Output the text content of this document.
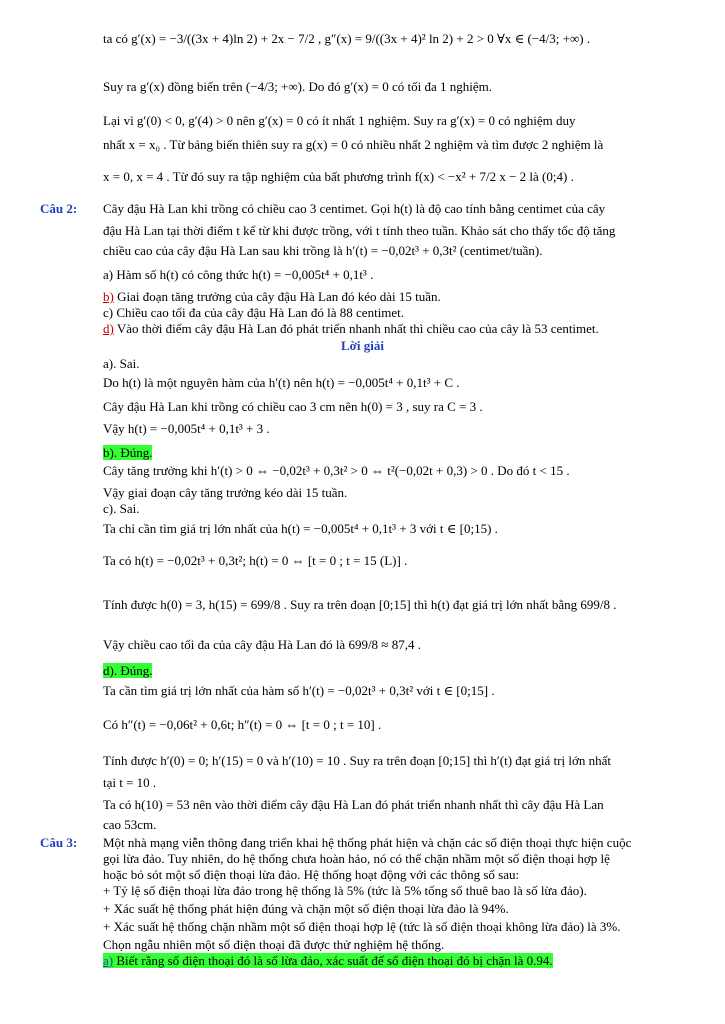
Câu 2:
Câu 3:
ta có g′(x) = −3/((3x + 4)ln 2) + 2x − 7/2 , g″(x) = 9/((3x + 4)² ln 2) + 2 > 0 ∀x ∈ (−4/3; +∞) .
Suy ra g′(x) đồng biến trên (−4/3; +∞). Do đó g′(x) = 0 có tối đa 1 nghiệm.
Lại vì g′(0) < 0, g′(4) > 0 nên g′(x) = 0 có ít nhất 1 nghiệm. Suy ra g′(x) = 0 có nghiệm duy
nhất x = x₀ . Từ bảng biến thiên suy ra g(x) = 0 có nhiều nhất 2 nghiệm và tìm được 2 nghiệm là
x = 0, x = 4 . Từ đó suy ra tập nghiệm của bất phương trình f(x) < −x² + 7/2 x − 2 là (0;4) .
Cây đậu Hà Lan khi trồng có chiều cao 3 centimet. Gọi h(t) là độ cao tính bằng centimet của cây
đậu Hà Lan tại thời điểm t kể từ khi được trồng, với t tính theo tuần. Khảo sát cho thấy tốc độ tăng
chiều cao của cây đậu Hà Lan sau khi trồng là h′(t) = −0,02t³ + 0,3t² (centimet/tuần).
a) Hàm số h(t) có công thức h(t) = −0,005t⁴ + 0,1t³ .
b) Giai đoạn tăng trưởng của cây đậu Hà Lan đó kéo dài 15 tuần.
c) Chiều cao tối đa của cây đậu Hà Lan đó là 88 centimet.
d) Vào thời điểm cây đậu Hà Lan đó phát triển nhanh nhất thì chiều cao của cây là 53 centimet.
Lời giải
a). Sai.
Do h(t) là một nguyên hàm của h′(t) nên h(t) = −0,005t⁴ + 0,1t³ + C .
Cây đậu Hà Lan khi trồng có chiều cao 3 cm nên h(0) = 3 , suy ra C = 3 .
Vậy h(t) = −0,005t⁴ + 0,1t³ + 3 .
b). Đúng.
Cây tăng trưởng khi h′(t) > 0 ⇔ −0,02t³ + 0,3t² > 0 ⇔ t²(−0,02t + 0,3) > 0 . Do đó t < 15 .
Vậy giai đoạn cây tăng trưởng kéo dài 15 tuần.
c). Sai.
Ta chỉ cần tìm giá trị lớn nhất của h(t) = −0,005t⁴ + 0,1t³ + 3 với t ∈ [0;15) .
Ta có h(t) = −0,02t³ + 0,3t²; h(t) = 0 ⇔ [t = 0 ; t = 15 (L)] .
Tính được h(0) = 3, h(15) = 699/8 . Suy ra trên đoạn [0;15] thì h(t) đạt giá trị lớn nhất bằng 699/8 .
Vậy chiều cao tối đa của cây đậu Hà Lan đó là 699/8 ≈ 87,4 .
d). Đúng.
Ta cần tìm giá trị lớn nhất của hàm số h′(t) = −0,02t³ + 0,3t² với t ∈ [0;15] .
Có h″(t) = −0,06t² + 0,6t; h″(t) = 0 ⇔ [t = 0 ; t = 10] .
Tính được h′(0) = 0; h′(15) = 0 và h′(10) = 10 . Suy ra trên đoạn [0;15] thì h′(t) đạt giá trị lớn nhất
tại t = 10 .
Ta có h(10) = 53 nên vào thời điểm cây đậu Hà Lan đó phát triển nhanh nhất thì cây đậu Hà Lan
cao 53cm.
Một nhà mạng viễn thông đang triển khai hệ thống phát hiện và chặn các số điện thoại thực hiện cuộc
gọi lừa đảo. Tuy nhiên, do hệ thống chưa hoàn hảo, nó có thể chặn nhầm một số điện thoại hợp lệ
hoặc bỏ sót một số điện thoại lừa đảo. Hệ thống hoạt động với các thông số sau:
+ Tỷ lệ số điện thoại lừa đảo trong hệ thống là 5% (tức là 5% tổng số thuê bao là số lừa đảo).
+ Xác suất hệ thống phát hiện đúng và chặn một số điện thoại lừa đảo là 94%.
+ Xác suất hệ thống chặn nhầm một số điện thoại hợp lệ (tức là số điện thoại không lừa đảo) là 3%.
Chọn ngẫu nhiên một số điện thoại đã được thử nghiệm hệ thống.
a) Biết rằng số điện thoại đó là số lừa đảo, xác suất để số điện thoại đó bị chặn là 0.94.
